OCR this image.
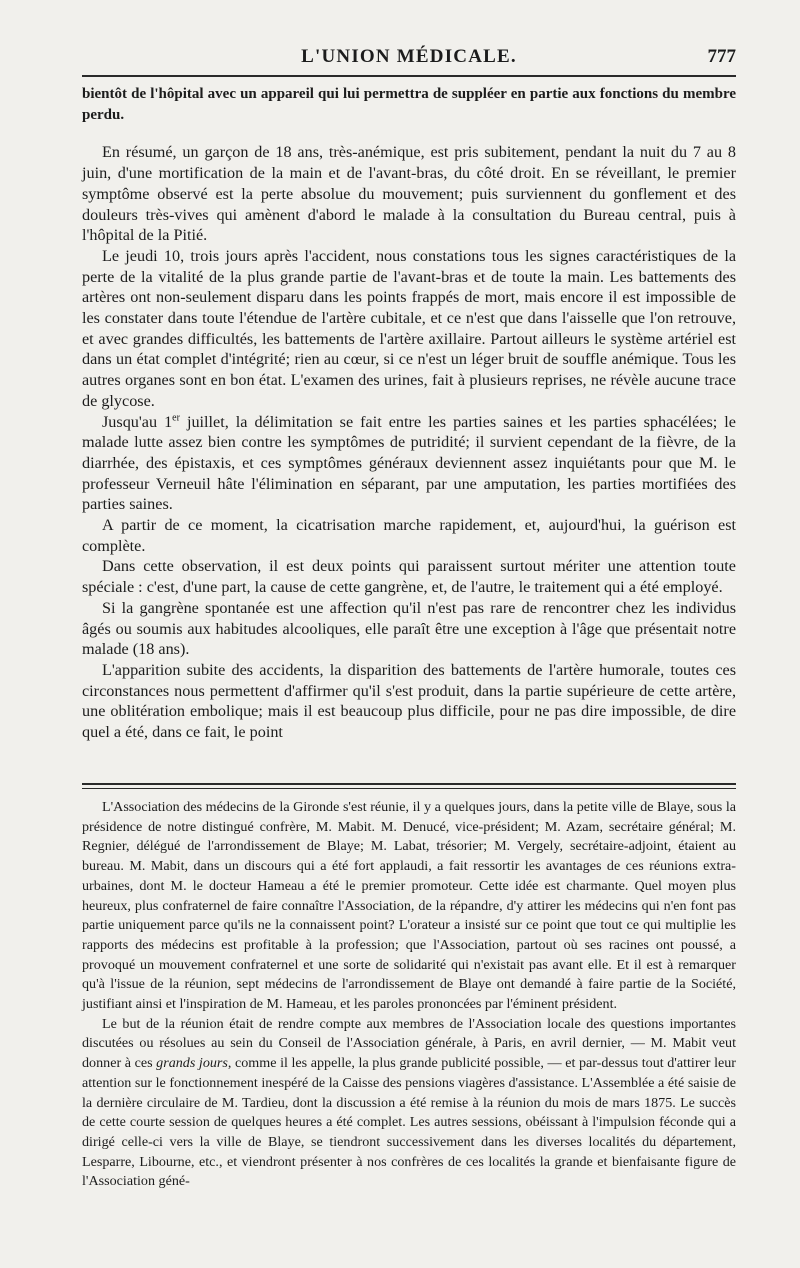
L'UNION MÉDICALE.	777

bientôt de l'hôpital avec un appareil qui lui permettra de suppléer en partie aux fonctions du membre perdu.

En résumé, un garçon de 18 ans, très-anémique, est pris subitement, pendant la nuit du 7 au 8 juin, d'une mortification de la main et de l'avant-bras, du côté droit. En se réveillant, le premier symptôme observé est la perte absolue du mouvement; puis surviennent du gonflement et des douleurs très-vives qui amènent d'abord le malade à la consultation du Bureau central, puis à l'hôpital de la Pitié.

Le jeudi 10, trois jours après l'accident, nous constations tous les signes caractéristiques de la perte de la vitalité de la plus grande partie de l'avant-bras et de toute la main. Les battements des artères ont non-seulement disparu dans les points frappés de mort, mais encore il est impossible de les constater dans toute l'étendue de l'artère cubitale, et ce n'est que dans l'aisselle que l'on retrouve, et avec grandes difficultés, les battements de l'artère axillaire. Partout ailleurs le système artériel est dans un état complet d'intégrité; rien au cœur, si ce n'est un léger bruit de souffle anémique. Tous les autres organes sont en bon état. L'examen des urines, fait à plusieurs reprises, ne révèle aucune trace de glycose.

Jusqu'au 1er juillet, la délimitation se fait entre les parties saines et les parties sphacélées; le malade lutte assez bien contre les symptômes de putridité; il survient cependant de la fièvre, de la diarrhée, des épistaxis, et ces symptômes généraux deviennent assez inquiétants pour que M. le professeur Verneuil hâte l'élimination en séparant, par une amputation, les parties mortifiées des parties saines.

A partir de ce moment, la cicatrisation marche rapidement, et, aujourd'hui, la guérison est complète.

Dans cette observation, il est deux points qui paraissent surtout mériter une attention toute spéciale : c'est, d'une part, la cause de cette gangrène, et, de l'autre, le traitement qui a été employé.

Si la gangrène spontanée est une affection qu'il n'est pas rare de rencontrer chez les individus âgés ou soumis aux habitudes alcooliques, elle paraît être une exception à l'âge que présentait notre malade (18 ans).

L'apparition subite des accidents, la disparition des battements de l'artère humorale, toutes ces circonstances nous permettent d'affirmer qu'il s'est produit, dans la partie supérieure de cette artère, une oblitération embolique; mais il est beaucoup plus difficile, pour ne pas dire impossible, de dire quel a été, dans ce fait, le point

L'Association des médecins de la Gironde s'est réunie, il y a quelques jours, dans la petite ville de Blaye, sous la présidence de notre distingué confrère, M. Mabit. M. Denucé, vice-président; M. Azam, secrétaire général; M. Regnier, délégué de l'arrondissement de Blaye; M. Labat, trésorier; M. Vergely, secrétaire-adjoint, étaient au bureau. M. Mabit, dans un discours qui a été fort applaudi, a fait ressortir les avantages de ces réunions extra-urbaines, dont M. le docteur Hameau a été le premier promoteur. Cette idée est charmante. Quel moyen plus heureux, plus confraternel de faire connaître l'Association, de la répandre, d'y attirer les médecins qui n'en font pas partie uniquement parce qu'ils ne la connaissent point? L'orateur a insisté sur ce point que tout ce qui multiplie les rapports des médecins est profitable à la profession; que l'Association, partout où ses racines ont poussé, a provoqué un mouvement confraternel et une sorte de solidarité qui n'existait pas avant elle. Et il est à remarquer qu'à l'issue de la réunion, sept médecins de l'arrondissement de Blaye ont demandé à faire partie de la Société, justifiant ainsi et l'inspiration de M. Hameau, et les paroles prononcées par l'éminent président.

Le but de la réunion était de rendre compte aux membres de l'Association locale des questions importantes discutées ou résolues au sein du Conseil de l'Association générale, à Paris, en avril dernier, — M. Mabit veut donner à ces grands jours, comme il les appelle, la plus grande publicité possible, — et par-dessus tout d'attirer leur attention sur le fonctionnement inespéré de la Caisse des pensions viagères d'assistance. L'Assemblée a été saisie de la dernière circulaire de M. Tardieu, dont la discussion a été remise à la réunion du mois de mars 1875. Le succès de cette courte session de quelques heures a été complet. Les autres sessions, obéissant à l'impulsion féconde qui a dirigé celle-ci vers la ville de Blaye, se tiendront successivement dans les diverses localités du département, Lesparre, Libourne, etc., et viendront présenter à nos confrères de ces localités la grande et bienfaisante figure de l'Association géné-
